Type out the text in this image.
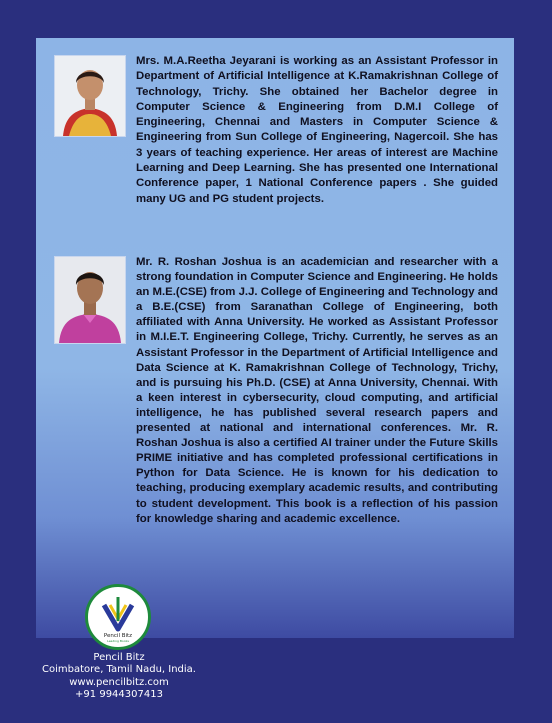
Mrs. M.A.Reetha Jeyarani is working as an Assistant Professor in Department of Artificial Intelligence at K.Ramakrishnan College of Technology, Trichy. She obtained her Bachelor degree in Computer Science & Engineering from D.M.I College of Engineering, Chennai and Masters in Computer Science & Engineering from Sun College of Engineering, Nagercoil. She has 3 years of teaching experience. Her areas of interest are Machine Learning and Deep Learning. She has presented one International Conference paper, 1 National Conference papers . She guided many UG and PG student projects.

Mr. R. Roshan Joshua is an academician and researcher with a strong foundation in Computer Science and Engineering. He holds an M.E.(CSE) from J.J. College of Engineering and Technology and a B.E.(CSE) from Saranathan College of Engineering, both affiliated with Anna University. He worked as Assistant Professor in M.I.E.T. Engineering College, Trichy. Currently, he serves as an Assistant Professor in the Department of Artificial Intelligence and Data Science at K. Ramakrishnan College of Technology, Trichy, and is pursuing his Ph.D. (CSE) at Anna University, Chennai. With a keen interest in cybersecurity, cloud computing, and artificial intelligence, he has published several research papers and presented at national and international conferences. Mr. R. Roshan Joshua is also a certified AI trainer under the Future Skills PRIME initiative and has completed professional certifications in Python for Data Science. He is known for his dedication to teaching, producing exemplary academic results, and contributing to student development. This book is a reflection of his passion for knowledge sharing and academic excellence.

Pencil Bitz
Leading Books
Pencil Bitz
Coimbatore, Tamil Nadu, India.
www.pencilbitz.com
+91 9944307413
